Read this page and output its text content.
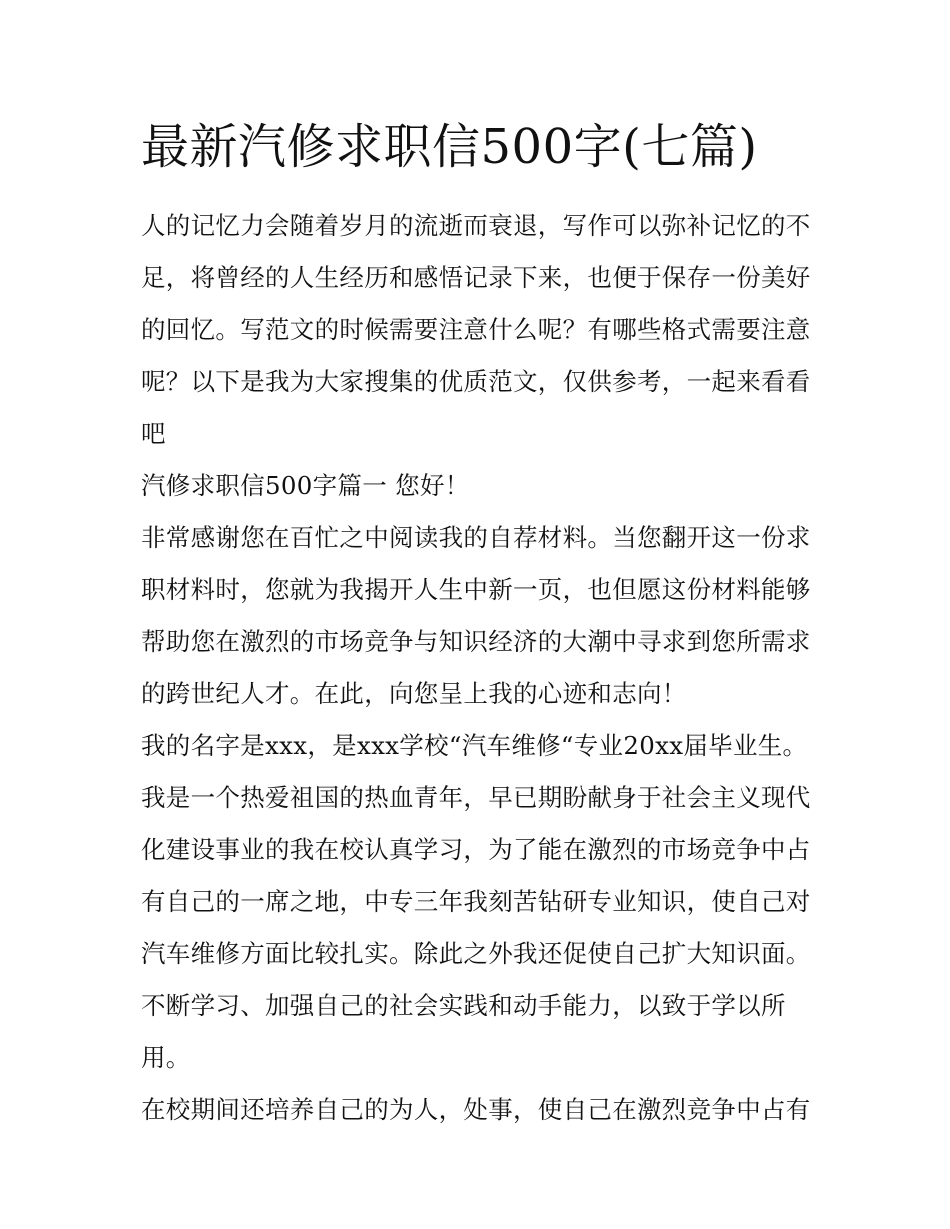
最新汽修求职信500字(七篇)
人的记忆力会随着岁月的流逝而衰退，写作可以弥补记忆的不
足，将曾经的人生经历和感悟记录下来，也便于保存一份美好
的回忆。写范文的时候需要注意什么呢？有哪些格式需要注意
呢？以下是我为大家搜集的优质范文，仅供参考，一起来看看
吧
汽修求职信500字篇一 您好！
非常感谢您在百忙之中阅读我的自荐材料。当您翻开这一份求
职材料时，您就为我揭开人生中新一页，也但愿这份材料能够
帮助您在激烈的市场竞争与知识经济的大潮中寻求到您所需求
的跨世纪人才。在此，向您呈上我的心迹和志向！
我的名字是xxx，是xxx学校“汽车维修“专业20xx届毕业生。
我是一个热爱祖国的热血青年，早已期盼献身于社会主义现代
化建设事业的我在校认真学习，为了能在激烈的市场竞争中占
有自己的一席之地，中专三年我刻苦钻研专业知识，使自己对
汽车维修方面比较扎实。除此之外我还促使自己扩大知识面。
不断学习、加强自己的社会实践和动手能力，以致于学以所
用。
在校期间还培养自己的为人，处事，使自己在激烈竞争中占有
